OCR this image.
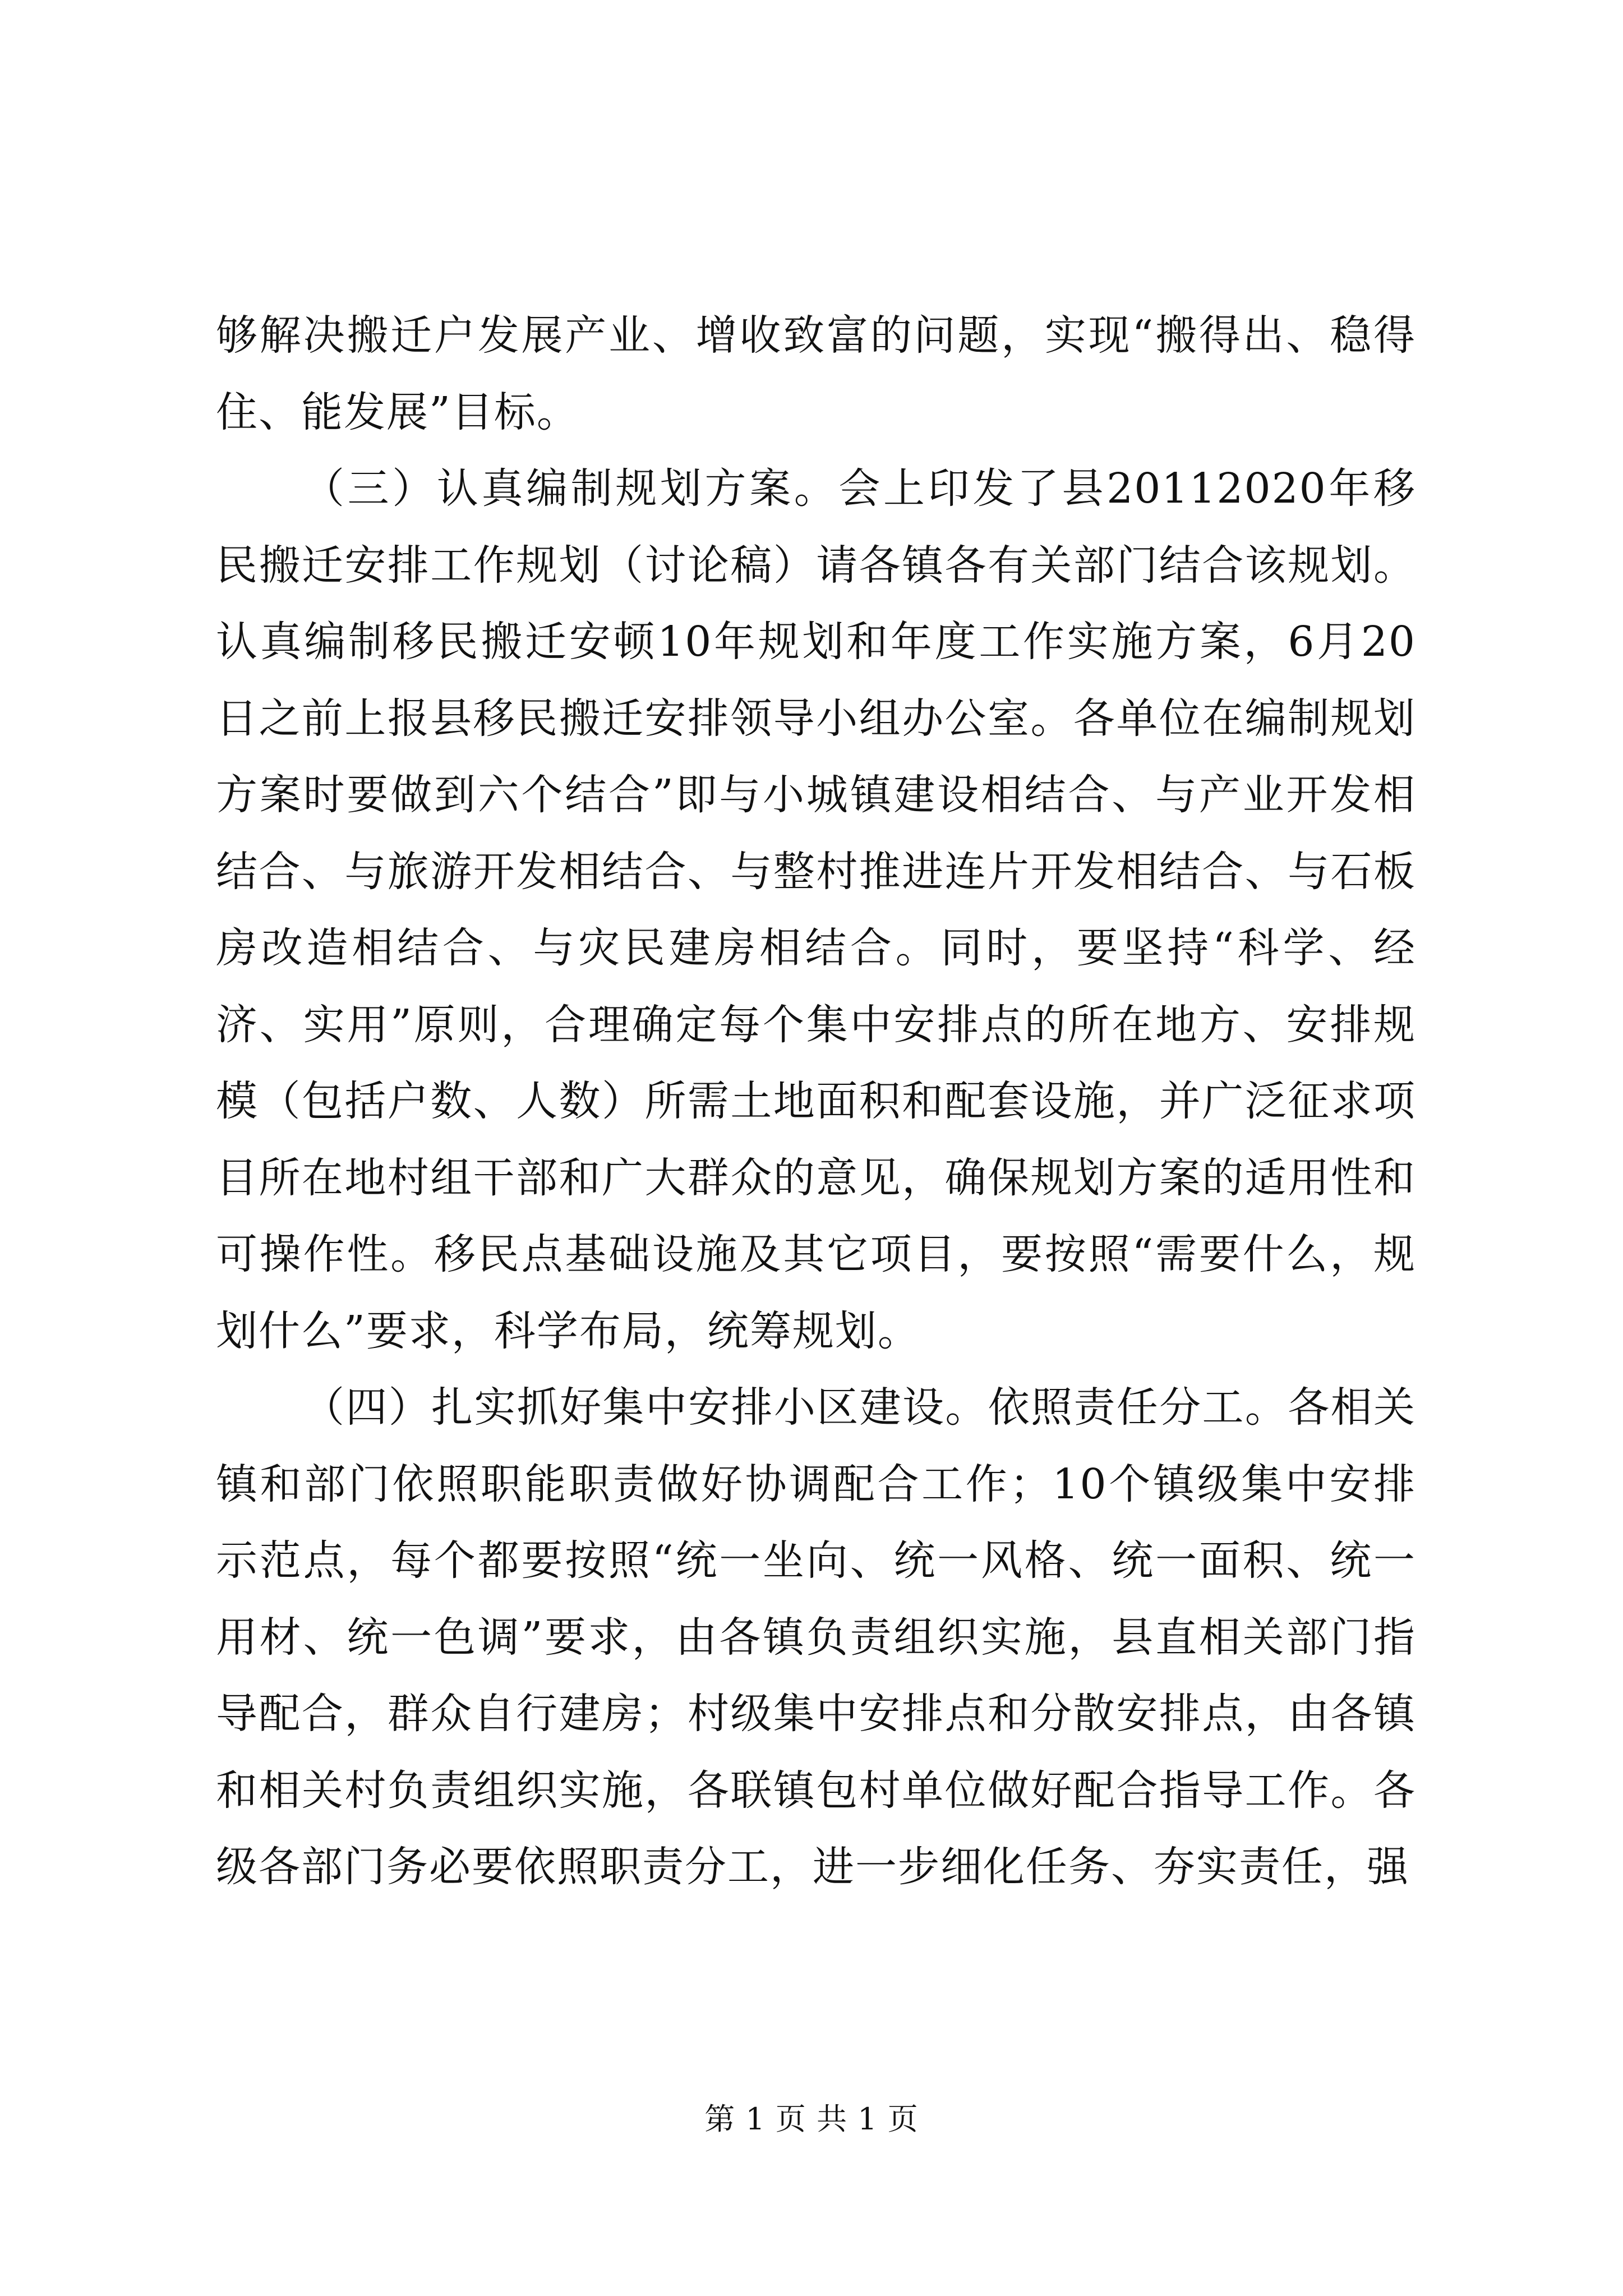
够解决搬迁户发展产业、增收致富的问题，实现“搬得出、稳得住、能发展”目标。

（三）认真编制规划方案。会上印发了县20112020年移民搬迁安排工作规划（讨论稿）请各镇各有关部门结合该规划。认真编制移民搬迁安顿10年规划和年度工作实施方案，6月20日之前上报县移民搬迁安排领导小组办公室。各单位在编制规划方案时要做到六个结合”即与小城镇建设相结合、与产业开发相结合、与旅游开发相结合、与整村推进连片开发相结合、与石板房改造相结合、与灾民建房相结合。同时，要坚持“科学、经济、实用”原则，合理确定每个集中安排点的所在地方、安排规模（包括户数、人数）所需土地面积和配套设施，并广泛征求项目所在地村组干部和广大群众的意见，确保规划方案的适用性和可操作性。移民点基础设施及其它项目，要按照“需要什么，规划什么”要求，科学布局，统筹规划。

（四）扎实抓好集中安排小区建设。依照责任分工。各相关镇和部门依照职能职责做好协调配合工作；10个镇级集中安排示范点，每个都要按照“统一坐向、统一风格、统一面积、统一用材、统一色调”要求，由各镇负责组织实施，县直相关部门指导配合，群众自行建房；村级集中安排点和分散安排点，由各镇和相关村负责组织实施，各联镇包村单位做好配合指导工作。各级各部门务必要依照职责分工，进一步细化任务、夯实责任，强

第 1 页 共 1 页
